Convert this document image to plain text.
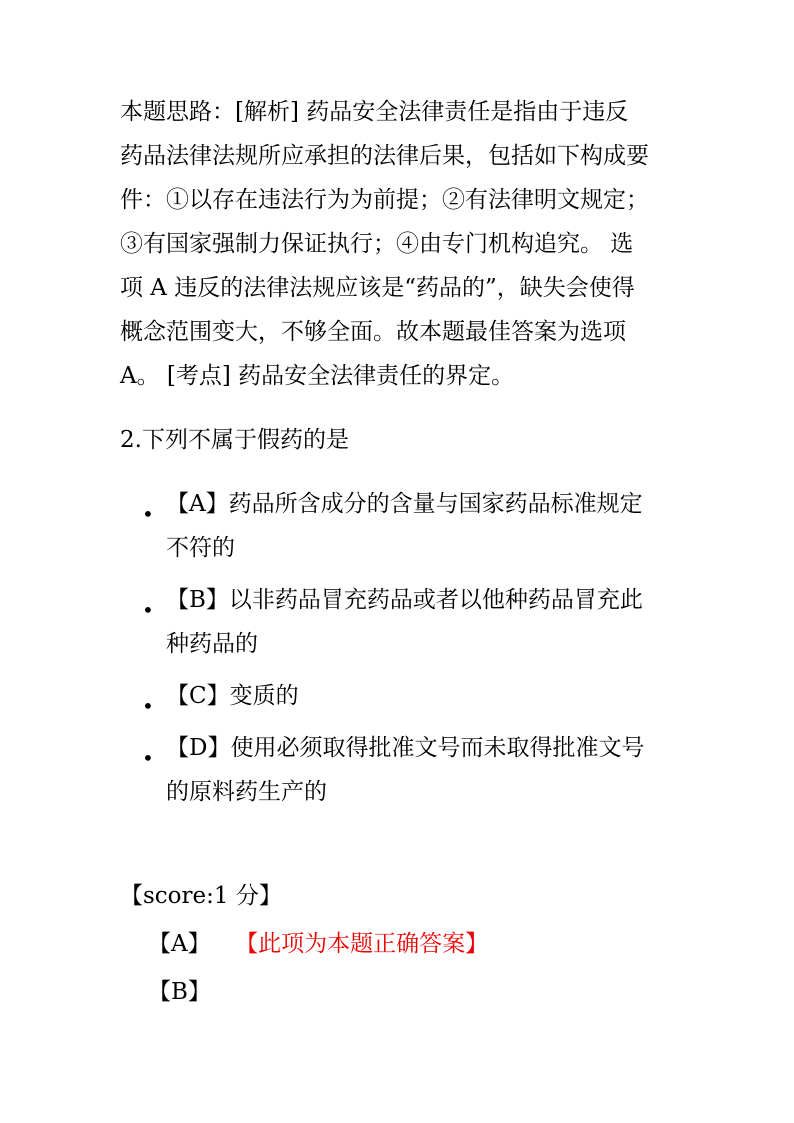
本题思路：[解析] 药品安全法律责任是指由于违反
药品法律法规所应承担的法律后果，包括如下构成要
件：①以存在违法行为为前提；②有法律明文规定；
③有国家强制力保证执行；④由专门机构追究。 选
项 A 违反的法律法规应该是“药品的”，缺失会使得
概念范围变大，不够全面。故本题最佳答案为选项
A。 [考点] 药品安全法律责任的界定。
2.下列不属于假药的是
• 【A】药品所含成分的含量与国家药品标准规定
不符的
• 【B】以非药品冒充药品或者以他种药品冒充此
种药品的
• 【C】变质的
• 【D】使用必须取得批准文号而未取得批准文号
的原料药生产的
【score:1 分】
【A】 【此项为本题正确答案】
【B】
